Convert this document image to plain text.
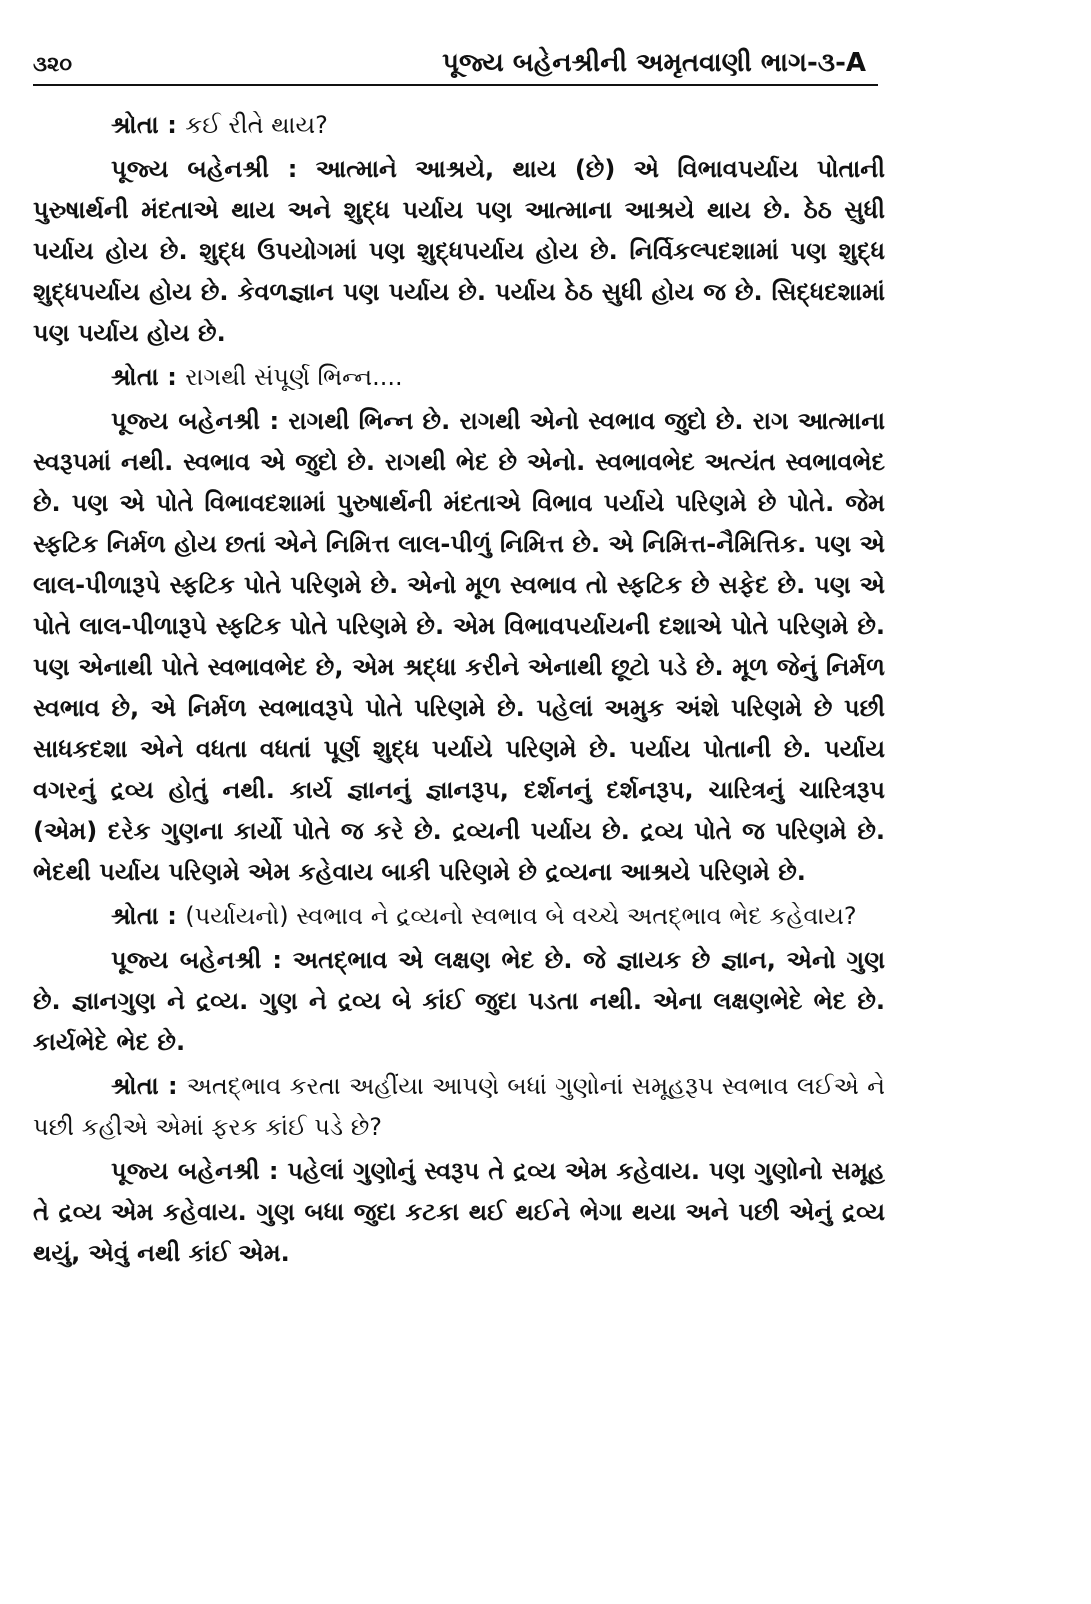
૩૨૦	પૂજ્ય બહેનશ્રીની અમૃતવાણી ભાગ-૩-A

શ્રોતા : કઈ રીતે થાય?

પૂજ્ય બહેનશ્રી : આત્માને આશ્રયે, થાય (છે) એ વિભાવપર્યાય પોતાની પુરુષાર્થની મંદતાએ થાય અને શુદ્ધ પર્યાય પણ આત્માના આશ્રયે થાય છે. ઠેઠ સુધી પર્યાય હોય છે. શુદ્ધ ઉપયોગમાં પણ શુદ્ધપર્યાય હોય છે. નિર્વિકલ્પદશામાં પણ શુદ્ધ શુદ્ધપર્યાય હોય છે. કેવળજ્ઞાન પણ પર્યાય છે. પર્યાય ઠેઠ સુધી હોય જ છે. સિદ્ધદશામાં પણ પર્યાય હોય છે.

શ્રોતા : રાગથી સંપૂર્ણ ભિન્ન....

પૂજ્ય બહેનશ્રી : રાગથી ભિન્ન છે. રાગથી એનો સ્વભાવ જુદો છે. રાગ આત્માના સ્વરૂપમાં નથી. સ્વભાવ એ જુદો છે. રાગથી ભેદ છે એનો. સ્વભાવભેદ અત્યંત સ્વભાવભેદ છે. પણ એ પોતે વિભાવદશામાં પુરુષાર્થની મંદતાએ વિભાવ પર્યાયે પરિણમે છે પોતે. જેમ સ્ફટિક નિર્મળ હોય છતાં એને નિમિત્ત લાલ-પીળું નિમિત્ત છે. એ નિમિત્ત-નૈમિત્તિક. પણ એ લાલ-પીળારૂપે સ્ફટિક પોતે પરિણમે છે. એનો મૂળ સ્વભાવ તો સ્ફટિક છે સફેદ છે. પણ એ પોતે લાલ-પીળારૂપે સ્ફટિક પોતે પરિણમે છે. એમ વિભાવપર્યાયની દશાએ પોતે પરિણમે છે. પણ એનાથી પોતે સ્વભાવભેદ છે, એમ શ્રદ્ધા કરીને એનાથી છૂટો પડે છે. મૂળ જેનું નિર્મળ સ્વભાવ છે, એ નિર્મળ સ્વભાવરૂપે પોતે પરિણમે છે. પહેલાં અમુક અંશે પરિણમે છે પછી સાધકદશા એને વધતા વધતાં પૂર્ણ શુદ્ધ પર્યાયે પરિણમે છે. પર્યાય પોતાની છે. પર્યાય વગરનું દ્રવ્ય હોતું નથી. કાર્ય જ્ઞાનનું જ્ઞાનરૂપ, દર્શનનું દર્શનરૂપ, ચારિત્રનું ચારિત્રરૂપ (એમ) દરેક ગુણના કાર્યો પોતે જ કરે છે. દ્રવ્યની પર્યાય છે. દ્રવ્ય પોતે જ પરિણમે છે. ભેદથી પર્યાય પરિણમે એમ કહેવાય બાકી પરિણમે છે દ્રવ્યના આશ્રયે પરિણમે છે.

શ્રોતા : (પર્યાયનો) સ્વભાવ ને દ્રવ્યનો સ્વભાવ બે વચ્ચે અતદ્ભાવ ભેદ કહેવાય?

પૂજ્ય બહેનશ્રી : અતદ્ભાવ એ લક્ષણ ભેદ છે. જે જ્ઞાયક છે જ્ઞાન, એનો ગુણ છે. જ્ઞાનગુણ ને દ્રવ્ય. ગુણ ને દ્રવ્ય બે કાંઈ જુદા પડતા નથી. એના લક્ષણભેદે ભેદ છે. કાર્યભેદે ભેદ છે.

શ્રોતા : અતદ્ભાવ કરતા અહીંયા આપણે બધાં ગુણોનાં સમૂહરૂપ સ્વભાવ લઈએ ને પછી કહીએ એમાં ફરક કાંઈ પડે છે?

પૂજ્ય બહેનશ્રી : પહેલાં ગુણોનું સ્વરૂપ તે દ્રવ્ય એમ કહેવાય. પણ ગુણોનો સમૂહ તે દ્રવ્ય એમ કહેવાય. ગુણ બધા જુદા કટકા થઈ થઈને ભેગા થયા અને પછી એનું દ્રવ્ય થયું, એવું નથી કાંઈ એમ.
